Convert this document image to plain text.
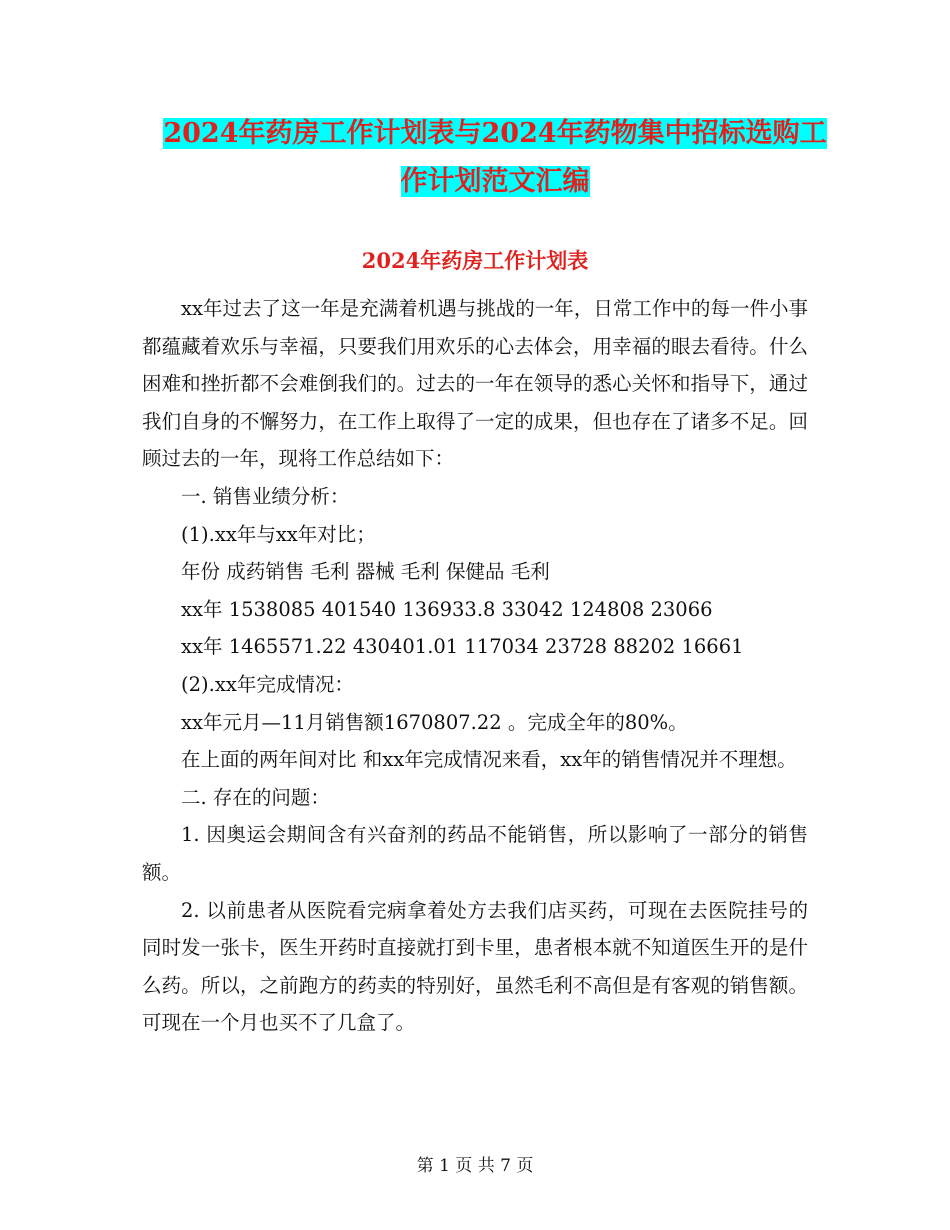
2024年药房工作计划表与2024年药物集中招标选购工
作计划范文汇编
2024年药房工作计划表

xx年过去了这一年是充满着机遇与挑战的一年，日常工作中的每一件小事都蕴藏着欢乐与幸福，只要我们用欢乐的心去体会，用幸福的眼去看待。什么困难和挫折都不会难倒我们的。过去的一年在领导的悉心关怀和指导下，通过我们自身的不懈努力，在工作上取得了一定的成果，但也存在了诸多不足。回顾过去的一年，现将工作总结如下：

一. 销售业绩分析：

(1).xx年与xx年对比；

年份 成药销售 毛利 器械 毛利 保健品 毛利

xx年 1538085 401540 136933.8 33042 124808 23066

xx年 1465571.22 430401.01 117034 23728 88202 16661

(2).xx年完成情况：

xx年元月—11月销售额1670807.22 。完成全年的80%。

在上面的两年间对比 和xx年完成情况来看，xx年的销售情况并不理想。

二. 存在的问题：

1. 因奥运会期间含有兴奋剂的药品不能销售，所以影响了一部分的销售额。

2. 以前患者从医院看完病拿着处方去我们店买药，可现在去医院挂号的同时发一张卡，医生开药时直接就打到卡里，患者根本就不知道医生开的是什么药。所以，之前跑方的药卖的特别好，虽然毛利不高但是有客观的销售额。可现在一个月也买不了几盒了。

第 1 页 共 7 页
